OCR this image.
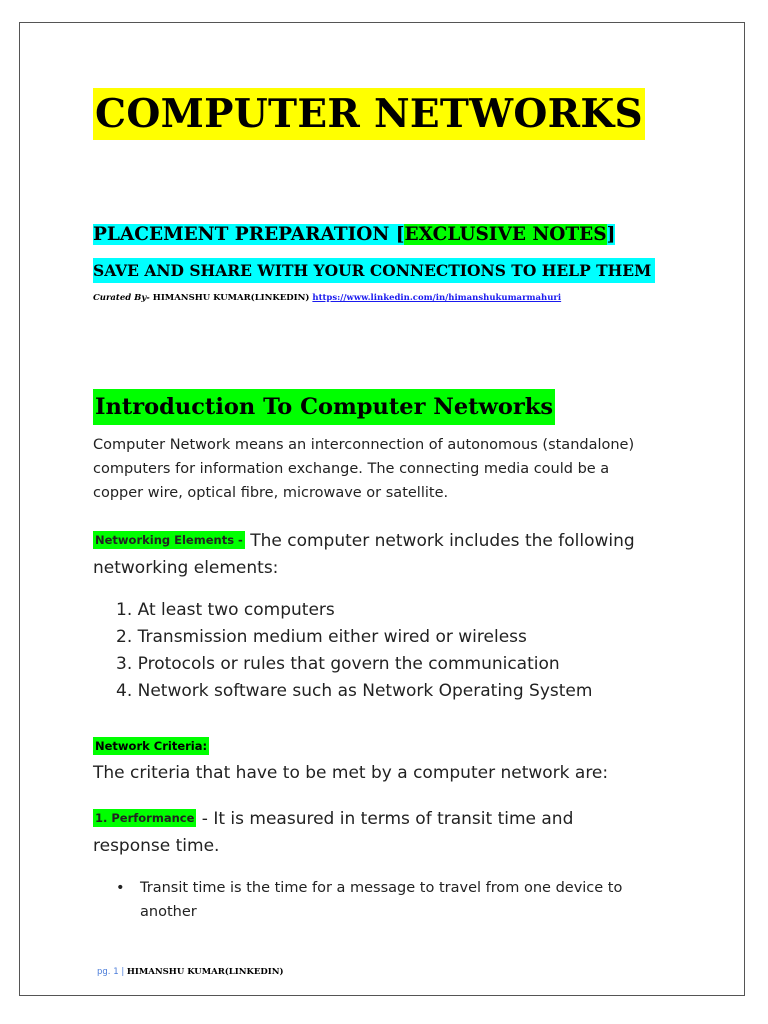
COMPUTER NETWORKS
PLACEMENT PREPARATION [EXCLUSIVE NOTES]
SAVE AND SHARE WITH YOUR CONNECTIONS TO HELP THEM
Curated By- HIMANSHU KUMAR(LINKEDIN) https://www.linkedin.com/in/himanshukumarmahuri
Introduction To Computer Networks
Computer Network means an interconnection of autonomous (standalone) computers for information exchange. The connecting media could be a copper wire, optical fibre, microwave or satellite.
Networking Elements - The computer network includes the following networking elements:
1. At least two computers
2. Transmission medium either wired or wireless
3. Protocols or rules that govern the communication
4. Network software such as Network Operating System
Network Criteria:
The criteria that have to be met by a computer network are:
1. Performance - It is measured in terms of transit time and response time.
•	Transit time is the time for a message to travel from one device to another
pg. 1 | HIMANSHU KUMAR(LINKEDIN)
